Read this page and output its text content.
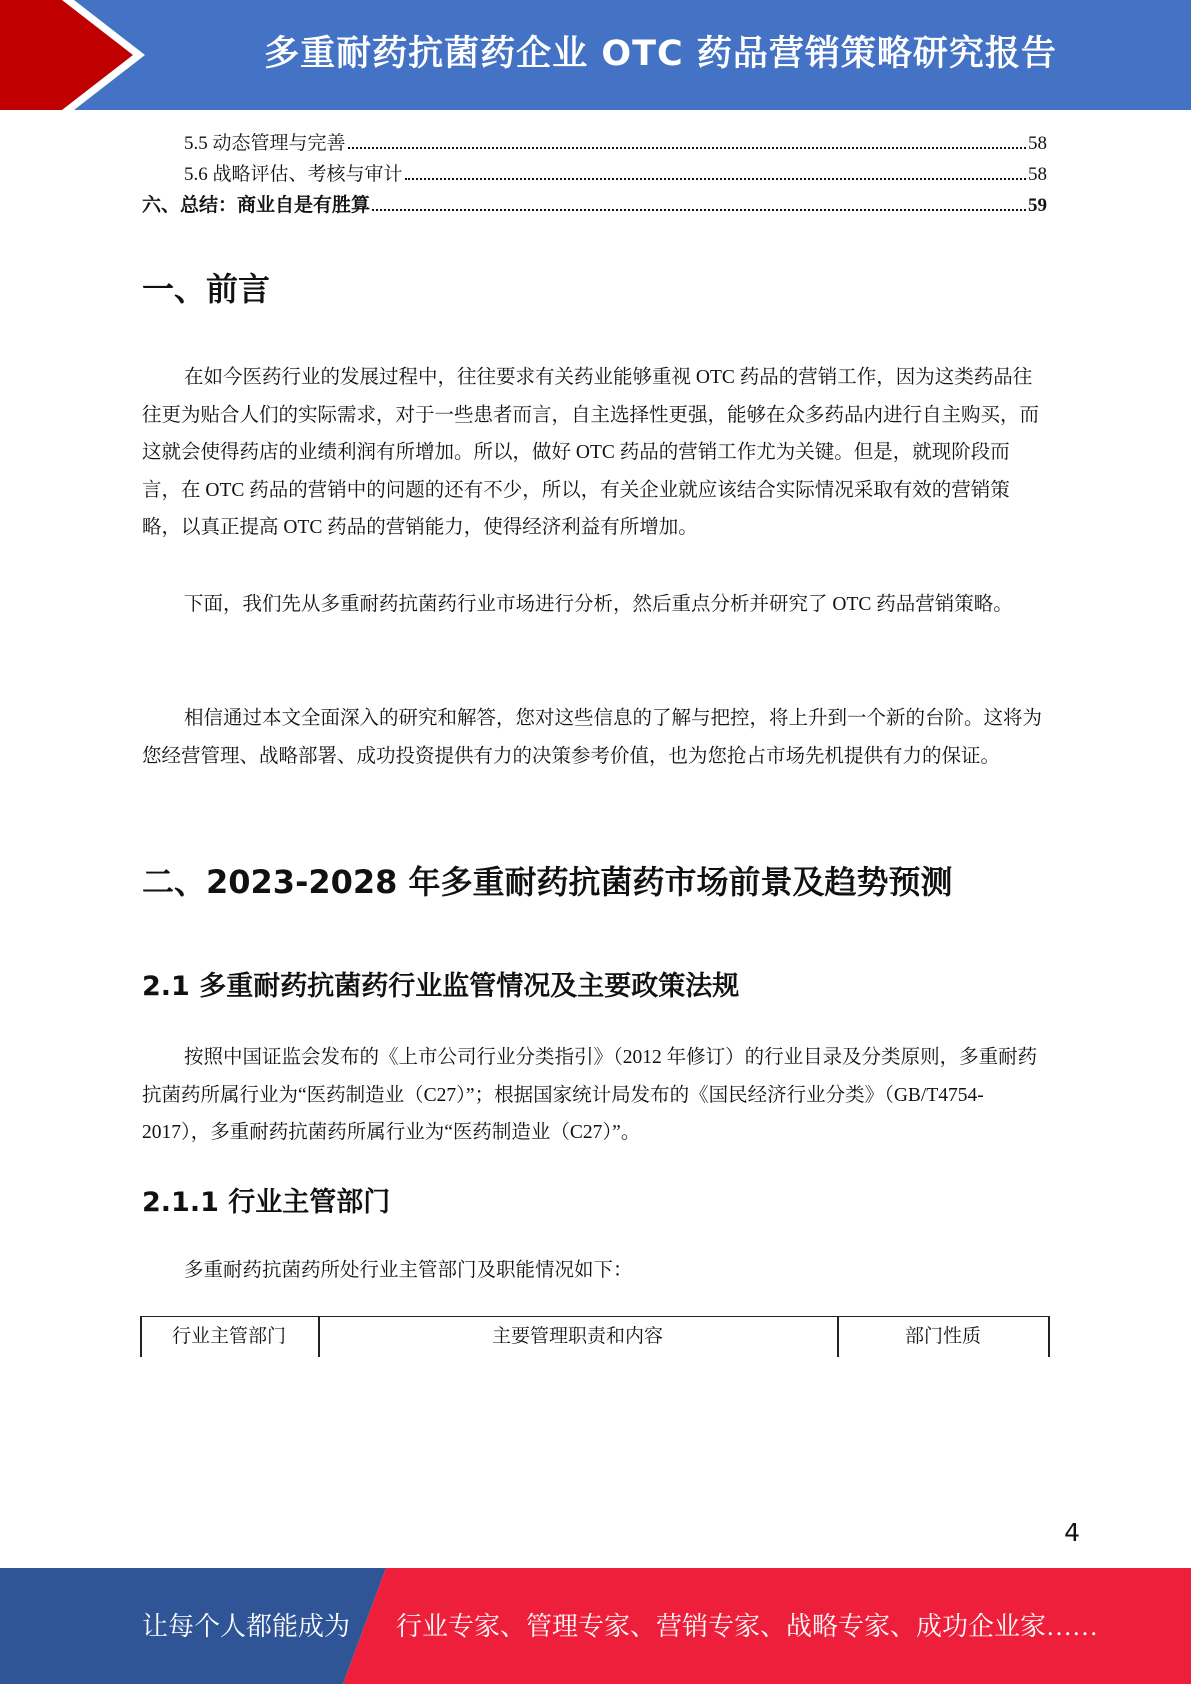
多重耐药抗菌药企业 OTC 药品营销策略研究报告
5.5 动态管理与完善	58
5.6 战略评估、考核与审计	58
六、总结：商业自是有胜算	59
一、前言

在如今医药行业的发展过程中，往往要求有关药业能够重视 OTC 药品的营销工作，因为这类药品往往更为贴合人们的实际需求，对于一些患者而言，自主选择性更强，能够在众多药品内进行自主购买，而这就会使得药店的业绩利润有所增加。所以，做好 OTC 药品的营销工作尤为关键。但是，就现阶段而言，在 OTC 药品的营销中的问题的还有不少，所以，有关企业就应该结合实际情况采取有效的营销策略，以真正提高 OTC 药品的营销能力，使得经济利益有所增加。

下面，我们先从多重耐药抗菌药行业市场进行分析，然后重点分析并研究了 OTC 药品营销策略。

相信通过本文全面深入的研究和解答，您对这些信息的了解与把控，将上升到一个新的台阶。这将为您经营管理、战略部署、成功投资提供有力的决策参考价值，也为您抢占市场先机提供有力的保证。

二、2023-2028 年多重耐药抗菌药市场前景及趋势预测
2.1 多重耐药抗菌药行业监管情况及主要政策法规

按照中国证监会发布的《上市公司行业分类指引》（2012 年修订）的行业目录及分类原则，多重耐药抗菌药所属行业为“医药制造业（C27）”；根据国家统计局发布的《国民经济行业分类》（GB/T4754-2017），多重耐药抗菌药所属行业为“医药制造业（C27）”。

2.1.1 行业主管部门

多重耐药抗菌药所处行业主管部门及职能情况如下：

行业主管部门	主要管理职责和内容	部门性质
4
让每个人都能成为 行业专家、管理专家、营销专家、战略专家、成功企业家……
